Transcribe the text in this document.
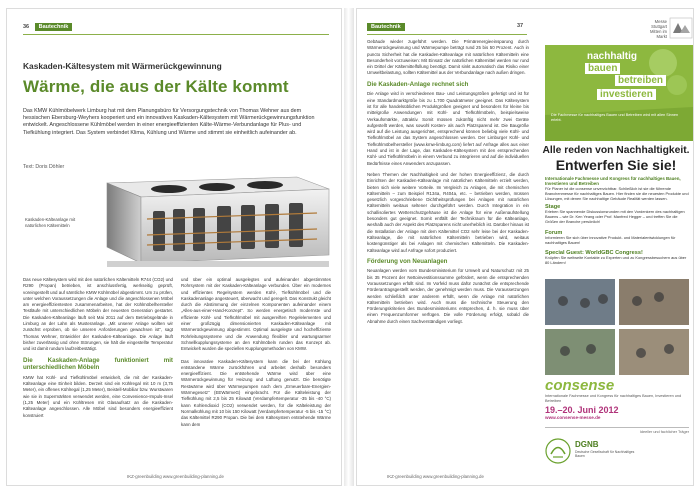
36 Bautechnik
Kaskaden-Kältesystem mit Wärmerückgewinnung
Wärme, die aus der Kälte kommt
Das KMW Kühlmöbelwerk Limburg hat mit dem Planungsbüro für Versorgungstechnik von Thomas Wehner aus dem hessischen Ebersburg-Weyhers kooperiert und ein innovatives Kaskaden-Kältesystem mit Wärmerückgewinnungsfunktion entwickelt. Angeschlossene Kühlmöbel werden in einer energieeffizienten Kälte-Wärme-Verbundanlage für Plus- und Tiefkühlung integriert. Das System verbindet Klima, Kühlung und Wärme und stimmt sie einheitlich aufeinander ab.
Text: Doris Döhler
Kaskaden-Kälteanlage mit natürlichen Kältemitteln

Das neue Kältesystem wird mit den natürlichen Kältemitteln R744 (CO2) und R290 (Propan) betrieben, ist anschlussfertig, werkseitig geprüft, voreingestellt und auf sämtliche KMW Kühlmöbel abgestimmt. Um zu prüfen, unter welchen Voraussetzungen die Anlage und die angeschlossenen Möbel am energieeffizientesten zusammenarbeiten, hat der Kühlmöbelhersteller Testläufe mit unterschiedlichen Möbeln der neuesten Generation gestartet. Die Kaskaden-Kälteanlage läuft seit Mai 2011 auf dem Betriebsgelände in Limburg an der Lahn als Musteranlage. „Mit unserer Anlage wollten wir zunächst erproben, ob sie unseren Anforderungen gewachsen ist“, sagt Thomas Wehner, Entwickler der Kaskaden-Kälteanlage. Die Anlage läuft bisher zuverlässig und ohne Störungen, sie hält die eingestellte Temperatur und ist damit rundum laufzeitbestätigt.

Die Kaskaden-Anlage funktioniert mit unterschiedlichen Möbeln

KMW hat Kühl- und Tiefkühlmöbel entwickelt, die mit der Kaskaden-Kälteanlage eine Einheit bilden. Derzeit sind ein Kühlregal mit 10 m (3,75 Meter), ein offenes Kühlregal (1,25 Meter), Beistell-Mobiliar bzw. Wurstwaren wie sie in Supermärkten verwendet werden, eine Convenience-Impuls-Insel (1,25 Meter) und ein Kühltresen mit Glasaufsatz an die Kaskaden-Kälteanlage angeschlossen. Alle Möbel sind besonders energieeffizient konstruiert

und über ein optimal ausgelegtes und aufeinander abgestimmtes Rohrsystem mit der Kaskaden-Kälteanlage verbunden. Über ein modernes und effizientes Regelsystem werden Kühl-, Tiefkühlmöbel und die Kaskadenanlage angesteuert, überwacht und geregelt. Das Konstrukt gleicht durch die Abstimmung der einzelnen Komponenten aufeinander einem „Alles-aus-einer-Hand-Konzept“. So werden energetisch modernste und effiziente Kühl- und Tiefkühlmöbel mit ausgereiften Regelelementen und einer großzügig dimensionierten Kaskaden-Kälteanlage mit Wärmerückgewinnung abgestimmt. Optimal ausgelegte und hocheffiziente Rohrleitungssysteme und die Anwendung flexibler und wartungsarmer Schnellkupplungssysteme an den Kühlmöbeln runden das Konzept ab. Entwickelt wurden die speziellen Kupplungsmethoden von KMW.

Das innovative Kaskaden-Kältesystem kann die bei der Kühlung entstandene Wärme zurückführen und arbeitet deshalb besonders energieeffizient. Die entstehende Wärme wird über eine Wärmerückgewinnung für Heizung und Lüftung genutzt. Die benötigte Restwärme wird über Wärmepumpen nach dem „Erneuerbare-Energien-Wärmegesetz“ (EEWärmeG) eingebracht. Für die Kälteleistung der Tiefkühlung mit 2,5 bis 25 Kilowatt (Verdampfertemperatur -35 bis -40 °C) kann Kohlendioxid (CO2) verwendet werden, für die Kälteleistung der Normalkühlung mit 10 bis 150 Kilowatt (Verdampfertemperatur -5 bis -15 °C) das Kältemittel R290 Propan. Die bei dem Kältesystem entstehende Wärme kann dem

IKZ-greenbuilding www.greenbuilding-planning.de
Bautechnik	37

Gebäude wieder zugeführt werden. Die Primärenergieeinsparung durch Wärmerückgewinnung und Wärmepumpe beträgt rund 25 bis 50 Prozent. Auch in puncto Sicherheit hat die Kaskaden-Kälteanlage mit natürlichen Kältemitteln eine Besonderheit vorzuweisen: Mit Einsatz der natürlichen Kältemittel werden nur rund ein Drittel der Kältemittelfüllung benötigt. Damit sinkt automatisch das Risiko einer Umweltbelastung, sollten Kältemittel aus der Verbundanlage nach außen dringen.

Die Kaskaden-Anlage rechnet sich

Die Anlage wird in verschiedenen Bau- und Leistungsgrößen gefertigt und ist für eine Standardmarktgröße bis zu 1.700 Quadratmeter geeignet. Das Kältesystem ist für alle handelsüblichen Produktgrößen geeignet und besonders für kleine bis mittelgroße Anwendungen mit Kühl- und Tiefkühlmöbeln, beispielsweise Verkaufsmärkte, attraktiv. Somit müssen zukünftig nicht mehr zwei Geräte aufgestellt werden, was sowohl Kosten- als auch Platzsparend ist. Die Baugröße wird auf die Leistung ausgerichtet, entsprechend können beliebig viele Kühl- und Tiefkühlmöbel an das System angeschlossen werden. Der Limburger Kühl- und Tiefkühlmöbelhersteller (www.kmw-limburg.com) liefert auf Anfrage alles aus einer Hand und ist in der Lage, das Kaskaden-Kältesystem mit den entsprechenden Kühl- und Tiefkühlmöbeln in einem Verbund zu integrieren und auf die individuellen Bedürfnisse eines Anwenders anzupassen.

Neben Themen der Nachhaltigkeit und der hohen Energieeffizienz, die durch Einrichten der Kaskaden-Kälteanlage mit natürlichen Kältemitteln erzielt werden, bieten sich viele weitere Vorteile. Im Vergleich zu Anlagen, die mit chemischen Kältemitteln – zum Beispiel R134a, R404a, etc. – betrieben werden, müssen gesetzlich vorgeschriebene Dichtheitsprüfungen bei Anlagen mit natürlichen Kältemitteln weitaus seltener durchgeführt werden. Durch Integration in ein schallisoliertes Wetterschutzgehäuse ist die Anlage für eine Außenaufstellung besonders gut geeignet. Somit entfällt der Technikraum für die Kälteanlage, weshalb auch der Aspekt des Platzsparens nicht unerheblich ist. Darüber hinaus ist die Installation der Anlage mit dem Kältemittel CO2 sehr leise bei der Kaskaden-Kälteanlage, die mit natürlichen Kältemitteln betrieben wird, weitaus kostengünstiger als bei Anlagen mit chemischen Kältemitteln. Die Kaskaden-Kälteanlage wird auf Anfrage sofort produziert.

Förderung von Neuanlagen

Neuanlagen werden vom Bundesministerium für Umwelt und Naturschutz mit 25 bis 35 Prozent der Nettoinvestitionssumme gefördert, wenn die entsprechenden Voraussetzungen erfüllt sind. Im Vorfeld muss dafür zunächst die entsprechende Förderantragsgestellt werden, der genehmigt werden muss. Die Voraussetzungen werden schließlich unter anderem erfüllt, wenn die Anlage mit natürlichen Kältemitteln betrieben wird. Auch muss die technische Steuerung den Förderungskriterien des Bundesministeriums entsprechen, d. h. sie muss über einen Frequenzumformer verfügen. Die volle Förderung erfolgt, sobald die Abnahme durch einen Sachverständigen vorliegt.

IKZ-greenbuilding www.greenbuilding-planning.de
Messe Stuttgart
Mitten im Markt
nachhaltig
bauen
betreiben
investieren
Die Fachmesse für nachhaltiges Bauen und Betreiben wird mit allen Sinnen erlebt.
Alle reden von Nachhaltigkeit.
Entwerfen Sie sie!
Internationale Fachmesse und Kongress für nachhaltiges Bauen, Investieren und Betreiben
Für Planer ist die consense unverzichtbar. Schließlich ist sie die führende Branchenmesse für nachhaltiges Bauen. Hier finden sie die neuesten Produkte und Lösungen, mit denen Sie nachhaltige Gebäude Realität werden lassen.
Stage
Erleben Sie spannende Diskussionsrunden mit den Vordenkern des nachhaltigen Bauens – wie Dr. Ken Yeang oder Prof. Manfred Hegger – und treffen Sie die Größen der Branche persönlich!
Forum
Informieren Sie sich über innovative Produkt- und Materialentwicklungen für nachhaltiges Bauen!
Special Guest: WorldGBC Congress!
Knüpfen Sie weltweite Kontakte zu Experten und zu Kongressbesuchern aus über 80 Ländern!
consense
Internationale Fachmesse und Kongress für nachhaltiges Bauen, Investieren und Betreiben
19.–20. Juni 2012
www.consense-messe.de
Ideeller und fachlicher Träger
DGNB
Deutsche Gesellschaft für Nachhaltiges Bauen
